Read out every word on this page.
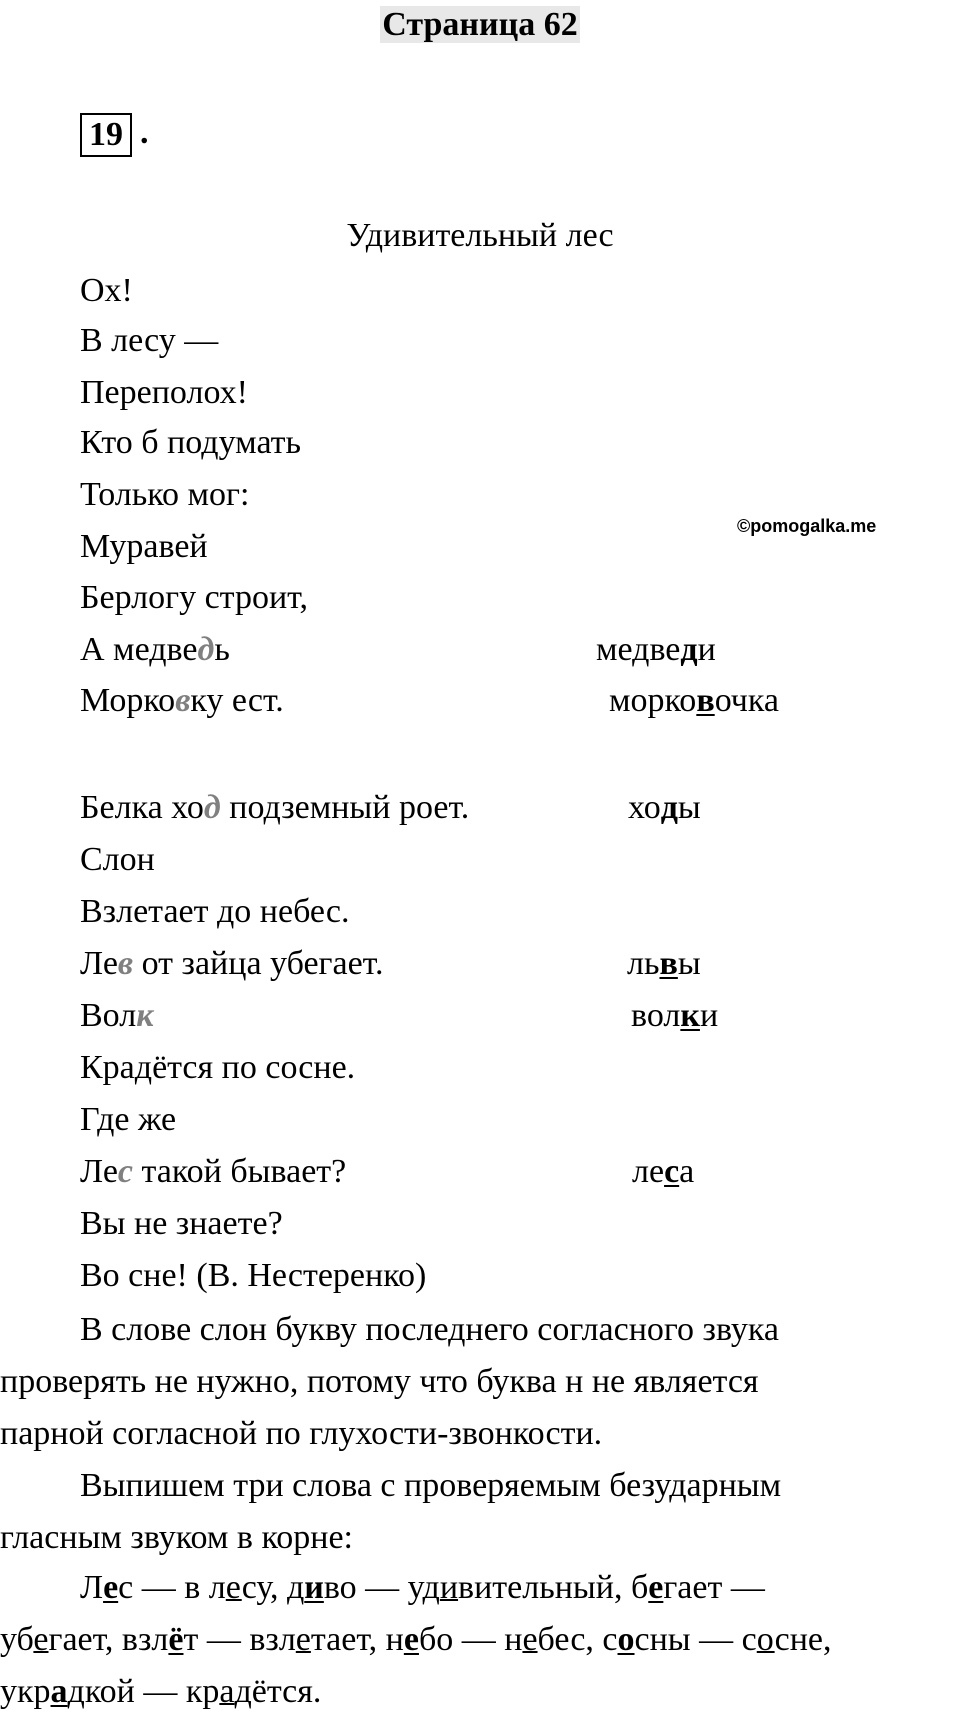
Страница 62
19 .
Удивительный лес
Ох!
В лесу —
Переполох!
Кто б подумать
Только мог:
Муравей
Берлогу строит,
А медведь
Морковку ест.
Белка ход подземный роет.
Слон
Взлетает до небес.
Лев от зайца убегает.
Волк
Крадётся по сосне.
Где же
Лес такой бывает?
Вы не знаете?
Во сне! (В. Нестеренко)
медведи
морковочка
ходы
львы
волки
леса
©pomogalka.me
В слове слон букву последнего согласного звука
проверять не нужно, потому что буква н не является
парной согласной по глухости-звонкости.
Выпишем три слова с проверяемым безударным
гласным звуком в корне:
Лес — в лесу, диво — удивительный, бегает —
убегает, взлёт — взлетает, небо — небес, сосны — сосне,
украдкой — крадётся.
